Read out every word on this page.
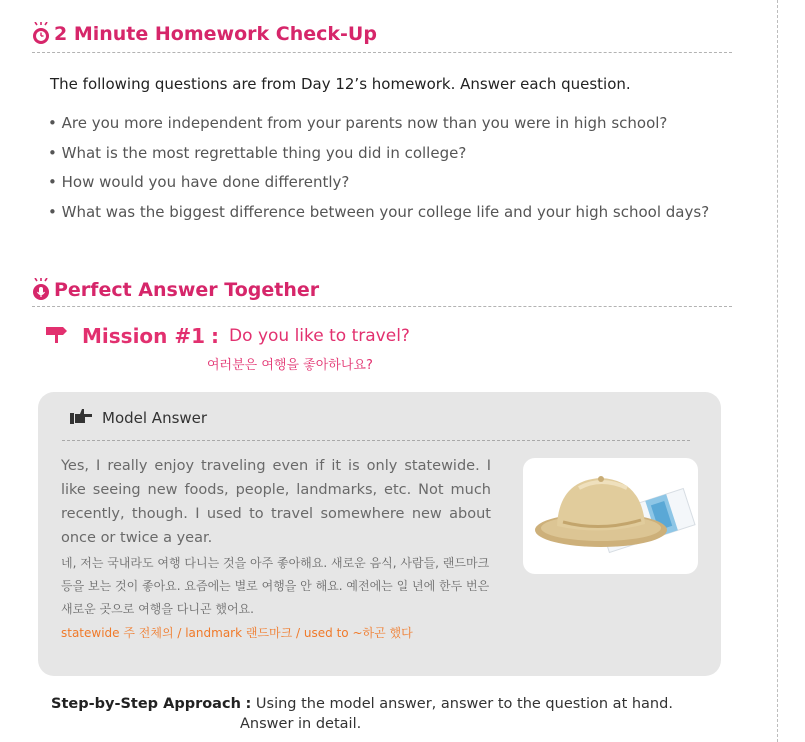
2 Minute Homework Check-Up
The following questions are from Day 12’s homework. Answer each question.
• Are you more independent from your parents now than you were in high school?
• What is the most regrettable thing you did in college?
• How would you have done differently?
• What was the biggest difference between your college life and your high school days?
Perfect Answer Together
Mission #1 : Do you like to travel?
여러분은 여행을 좋아하나요?
Model Answer
Yes, I really enjoy traveling even if it is only statewide. I like seeing new foods, people, landmarks, etc. Not much recently, though. I used to travel somewhere new about once or twice a year.
네, 저는 국내라도 여행 다니는 것을 아주 좋아해요. 새로운 음식, 사람들, 랜드마크 등을 보는 것이 좋아요. 요즘에는 별로 여행을 안 해요. 예전에는 일 년에 한두 번은 새로운 곳으로 여행을 다니곤 했어요.
statewide 주 전체의 / landmark 랜드마크 / used to ~하곤 했다
Step-by-Step Approach : Using the model answer, answer to the question at hand.
Answer in detail.
